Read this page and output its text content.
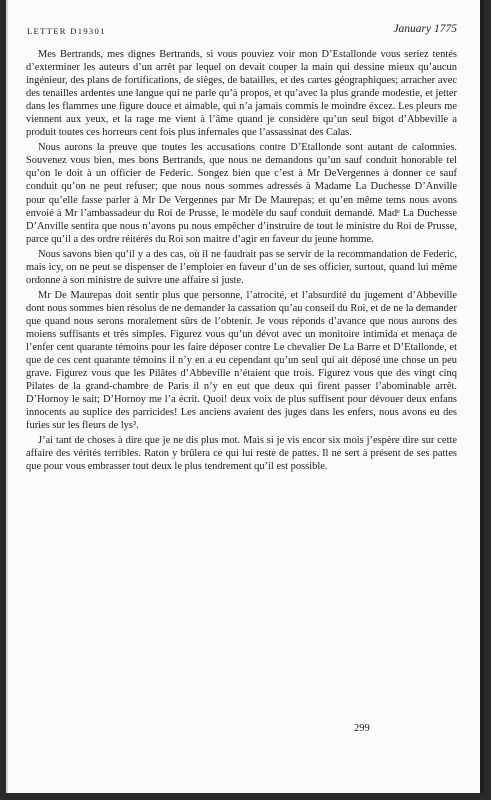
LETTER D19301	January 1775

Mes Bertrands, mes dignes Bertrands, si vous pouviez voir mon D’Estallonde vous seriez tentés d’exterminer les auteurs d’un arrêt par lequel on devait couper la main qui dessine mieux qu’aucun ingénieur, des plans de fortifications, de sièges, de batailles, et des cartes géographiques; arracher avec des tenailles ardentes une langue qui ne parle qu’à propos, et qu’avec la plus grande modestie, et jetter dans les flammes une figure douce et aimable, qui n’a jamais commis le moindre éxcez. Les pleurs me viennent aux yeux, et la rage me vient à l’âme quand je considère qu’un seul bigot d’Abbeville a produit toutes ces horreurs cent fois plus infernales que l’assassinat des Calas.

Nous aurons la preuve que toutes les accusations contre D’Etallonde sont autant de calomnies. Souvenez vous bien, mes bons Bertrands, que nous ne demandons qu’un sauf conduit honorable tel qu’on le doit à un officier de Federic. Songez bien que c’est à Mr DeVergennes à donner ce sauf conduit qu’on ne peut refuser; que nous nous sommes adressés à Madame La Duchesse D’Anville pour qu’elle fasse parler à Mr De Vergennes par Mr De Maurepas; et qu’en même tems nous avons envoié à Mr l’ambassadeur du Roi de Prusse, le modèle du sauf conduit demandé. Madᵉ La Duchesse D’Anville sentira que nous n’avons pu nous empêcher d’instruire de tout le ministre du Roi de Prusse, parce qu’il a des ordre réitérés du Roi son maitre d’agir en faveur du jeune homme.

Nous savons bien qu’il y a des cas, où il ne faudrait pas se servir de la recommandation de Federic, mais icy, on ne peut se dispenser de l’emploier en faveur d’un de ses officier, surtout, quand lui même ordonne à son ministre de suivre une affaire si juste.

Mr De Maurepas doit sentir plus que personne, l’atrocité, et l’absurdité du jugement d’Abbeville dont nous sommes bien résolus de ne demander la cassation qu’au conseil du Roi, et de ne la demander que quand nous serons moralement sûrs de l’obtenir. Je vous réponds d’avance que nous aurons des moiens suffisants et très simples. Figurez vous qu’un dévot avec un monitoire intimida et menaça de l’enfer cent quarante témoins pour les faire déposer contre Le chevalier De La Barre et D’Etallonde, et que de ces cent quarante témoins il n’y en a eu cependant qu’un seul qui ait déposé une chose un peu grave. Figurez vous que les Pilâtes d’Abbeville n’étaient que trois. Figurez vous que des vingt cinq Pilates de la grand-chambre de Paris il n’y en eut que deux qui firent passer l’abominable arrêt. D’Hornoy le sait; D’Hornoy me l’a écrit. Quoi! deux voix de plus suffisent pour dévouer deux enfans innocents au suplice des parricides! Les anciens avaient des juges dans les enfers, nous avons eu des furies sur les fleurs de lys³.

J’ai tant de choses à dire que je ne dis plus mot. Mais si je vis encor six mois j’espère dire sur cette affaire des vérités terribles. Raton y brûlera ce qui lui reste de pattes. Il ne sert à présent de ses pattes que pour vous embrasser tout deux le plus tendrement qu’il est possible.

299
